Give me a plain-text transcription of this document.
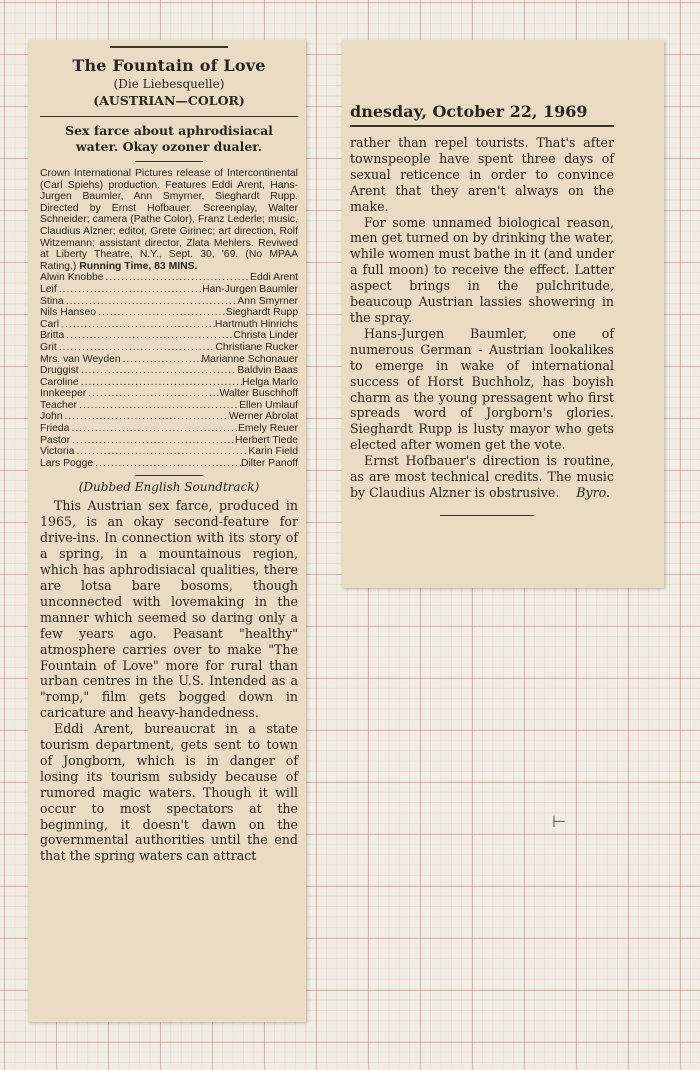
The Fountain of Love
(Die Liebesquelle)
(AUSTRIAN—COLOR)
Sex farce about aphrodisiacal water. Okay ozoner dualer.
Crown International Pictures release of Intercontinental (Carl Spiehs) production. Features Eddi Arent, Hans-Jurgen Baumler, Ann Smyrner, Sieghardt Rupp. Directed by Ernst Hofbauer. Screenplay, Walter Schneider; camera (Pathe Color), Franz Lederle; music, Claudius Alzner; editor, Grete Girinec; art direction, Rolf Witzemann; assistant director, Zlata Mehlers. Reviwed at Liberty Theatre, N.Y., Sept. 30, '69. (No MPAA Rating.) Running Time, 83 MINS.
Alwin Knobbe .....	Eddi Arent
Leif .....	Han-Jurgen Baumler
Stina .....	Ann Smyrner
Nils Hanseo .....	Sieghardt Rupp
Carl .....	Hartmuth Hinrichs
Britta .....	Christa Linder
Grit .....	Christiane Rucker
Mrs. van Weyden .....	Marianne Schonauer
Druggist .....	Baldvin Baas
Caroline .....	Helga Marlo
Innkeeper .....	Walter Buschhoff
Teacher .....	Ellen Umlauf
John .....	Werner Abrolat
Frieda .....	Emely Reuer
Pastor .....	Herbert Tiede
Victoria .....	Karin Field
Lars Pogge .....	Dilter Panoff
(Dubbed English Soundtrack)

This Austrian sex farce, produced in 1965, is an okay second-feature for drive-ins. In connection with its story of a spring, in a mountainous region, which has aphrodisiacal qualities, there are lotsa bare bosoms, though unconnected with lovemaking in the manner which seemed so daring only a few years ago. Peasant "healthy" atmosphere carries over to make "The Fountain of Love" more for rural than urban centres in the U.S. Intended as a "romp," film gets bogged down in caricature and heavy-handedness.

Eddi Arent, bureaucrat in a state tourism department, gets sent to town of Jongborn, which is in danger of losing its tourism subsidy because of rumored magic waters. Though it will occur to most spectators at the beginning, it doesn't dawn on the governmental authorities until the end that the spring waters can attract

dnesday, October 22, 1969

rather than repel tourists. That's after townspeople have spent three days of sexual reticence in order to convince Arent that they aren't always on the make.

For some unnamed biological reason, men get turned on by drinking the water, while women must bathe in it (and under a full moon) to receive the effect. Latter aspect brings in the pulchritude, beaucoup Austrian lassies showering in the spray.

Hans-Jurgen Baumler, one of numerous German - Austrian lookalikes to emerge in wake of international success of Horst Buchholz, has boyish charm as the young pressagent who first spreads word of Jorgborn's glories. Sieghardt Rupp is lusty mayor who gets elected after women get the vote.

Ernst Hofbauer's direction is routine, as are most technical credits. The music by Claudius Alzner is obstrusive.	Byro.

⊢
